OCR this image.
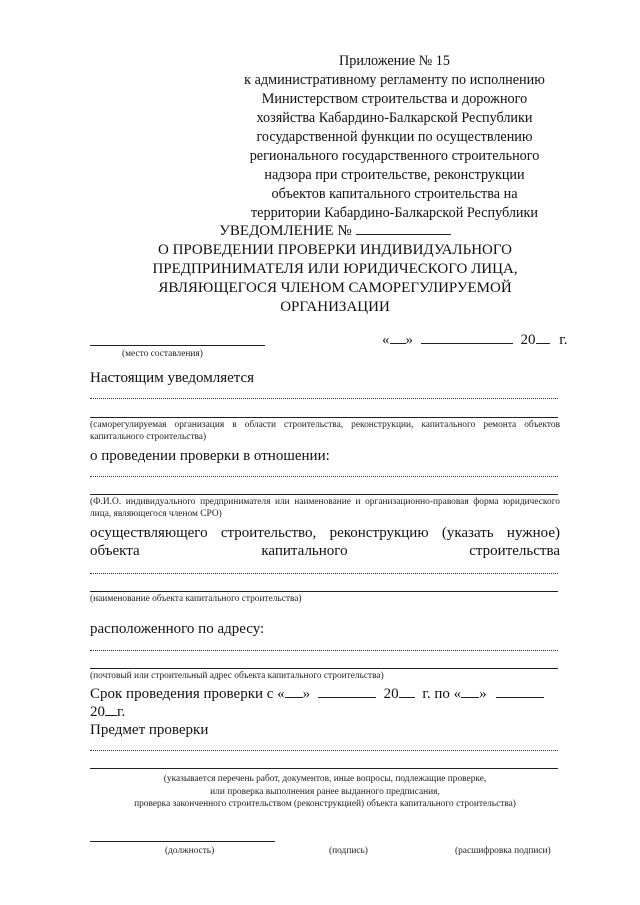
Приложение № 15
к административному регламенту по исполнению
Министерством строительства и дорожного
хозяйства Кабардино-Балкарской Республики
государственной функции по осуществлению
регионального государственного строительного
надзора при строительстве, реконструкции
объектов капитального строительства на
территории Кабардино-Балкарской Республики
УВЕДОМЛЕНИЕ №
О ПРОВЕДЕНИИ ПРОВЕРКИ ИНДИВИДУАЛЬНОГО
ПРЕДПРИНИМАТЕЛЯ ИЛИ ЮРИДИЧЕСКОГО ЛИЦА,
ЯВЛЯЮЩЕГОСЯ ЧЛЕНОМ САМОРЕГУЛИРУЕМОЙ
ОРГАНИЗАЦИИ
(место составления)
« »	20 г.
Настоящим уведомляется
(саморегулируемая организация в области строительства, реконструкции, капитального ремонта объектов капитального строительства)
о проведении проверки в отношении:
(Ф.И.О. индивидуального предпринимателя или наименование и организационно-правовая форма юридического лица, являющегося членом СРО)
осуществляющего строительство, реконструкцию (указать нужное)
объекта	капитального	строительства
(наименование объекта капитального строительства)
расположенного по адресу:
(почтовый или строительный адрес объекта капитального строительства)
Срок проведения проверки с « »	20 г. по « »
20 г.
Предмет проверки
(указывается перечень работ, документов, иные вопросы, подлежащие проверке,
или проверка выполнения ранее выданного предписания,
проверка законченного строительством (реконструкцией) объекта капитального строительства)
(должность)	(подпись)	(расшифровка подписи)
